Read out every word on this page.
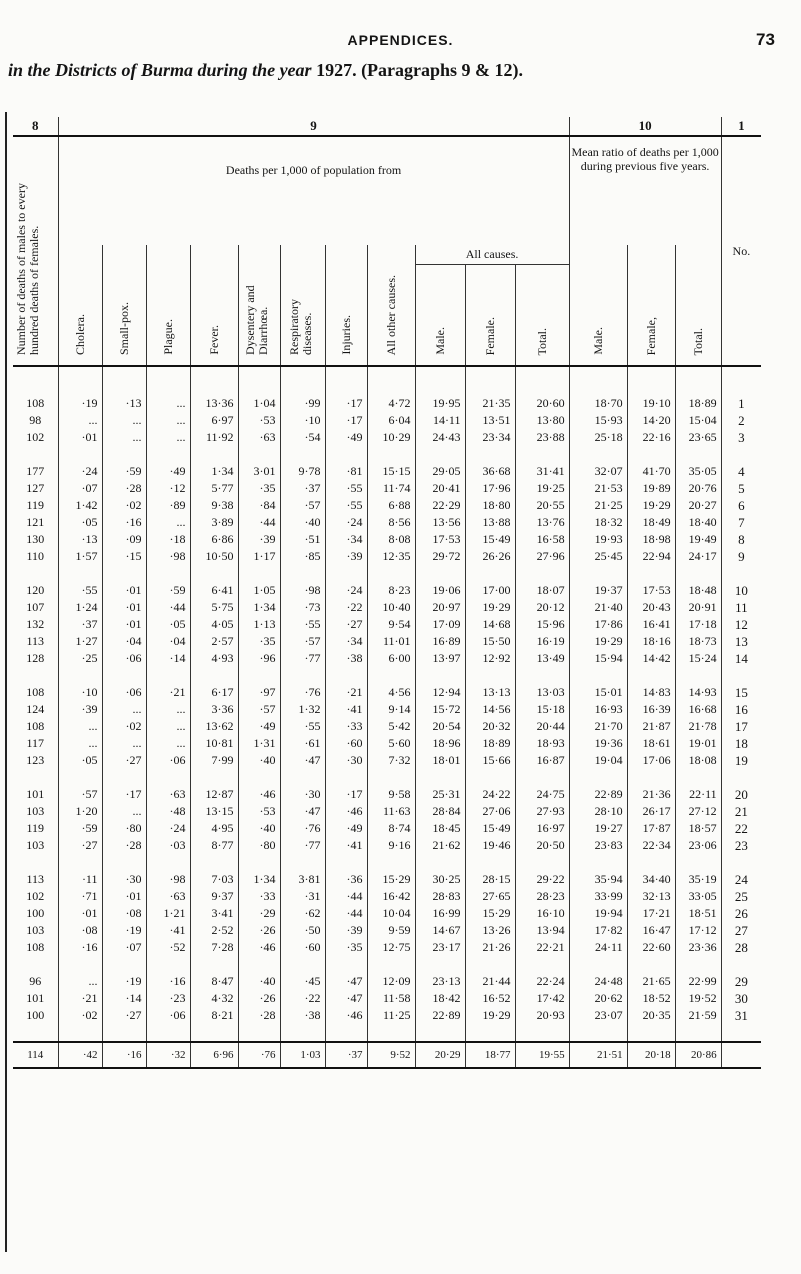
APPENDICES.	73
in the Districts of Burma during the year 1927. (Paragraphs 9 & 12).
8	9											10			1
Number of deaths of males to every hundred deaths of females.	Deaths per 1,000 of population from											Mean ratio of deaths per 1,000 during previous five years.			No.
	Cholera.	Small-pox.	Plague.	Fever.	Dysentery and Diarrhœa.	Respiratory diseases.	Injuries.	All other causes.	All causes.			Male.	Female,	Total.	
									Male.	Female.	Total.				

108	·19	·13	...	13·36	1·04	·99	·17	4·72	19·95	21·35	20·60	18·70	19·10	18·89	1
98	...	...	...	6·97	·53	·10	·17	6·04	14·11	13·51	13·80	15·93	14·20	15·04	2
102	·01	...	...	11·92	·63	·54	·49	10·29	24·43	23·34	23·88	25·18	22·16	23·65	3

177	·24	·59	·49	1·34	3·01	9·78	·81	15·15	29·05	36·68	31·41	32·07	41·70	35·05	4
127	·07	·28	·12	5·77	·35	·37	·55	11·74	20·41	17·96	19·25	21·53	19·89	20·76	5
119	1·42	·02	·89	9·38	·84	·57	·55	6·88	22·29	18·80	20·55	21·25	19·29	20·27	6
121	·05	·16	...	3·89	·44	·40	·24	8·56	13·56	13·88	13·76	18·32	18·49	18·40	7
130	·13	·09	·18	6·86	·39	·51	·34	8·08	17·53	15·49	16·58	19·93	18·98	19·49	8
110	1·57	·15	·98	10·50	1·17	·85	·39	12·35	29·72	26·26	27·96	25·45	22·94	24·17	9

120	·55	·01	·59	6·41	1·05	·98	·24	8·23	19·06	17·00	18·07	19·37	17·53	18·48	10
107	1·24	·01	·44	5·75	1·34	·73	·22	10·40	20·97	19·29	20·12	21·40	20·43	20·91	11
132	·37	·01	·05	4·05	1·13	·55	·27	9·54	17·09	14·68	15·96	17·86	16·41	17·18	12
113	1·27	·04	·04	2·57	·35	·57	·34	11·01	16·89	15·50	16·19	19·29	18·16	18·73	13
128	·25	·06	·14	4·93	·96	·77	·38	6·00	13·97	12·92	13·49	15·94	14·42	15·24	14

108	·10	·06	·21	6·17	·97	·76	·21	4·56	12·94	13·13	13·03	15·01	14·83	14·93	15
124	·39	...	...	3·36	·57	1·32	·41	9·14	15·72	14·56	15·18	16·93	16·39	16·68	16
108	...	·02	...	13·62	·49	·55	·33	5·42	20·54	20·32	20·44	21·70	21·87	21·78	17
117	...	...	...	10·81	1·31	·61	·60	5·60	18·96	18·89	18·93	19·36	18·61	19·01	18
123	·05	·27	·06	7·99	·40	·47	·30	7·32	18·01	15·66	16·87	19·04	17·06	18·08	19

101	·57	·17	·63	12·87	·46	·30	·17	9·58	25·31	24·22	24·75	22·89	21·36	22·11	20
103	1·20	...	·48	13·15	·53	·47	·46	11·63	28·84	27·06	27·93	28·10	26·17	27·12	21
119	·59	·80	·24	4·95	·40	·76	·49	8·74	18·45	15·49	16·97	19·27	17·87	18·57	22
103	·27	·28	·03	8·77	·80	·77	·41	9·16	21·62	19·46	20·50	23·83	22·34	23·06	23

113	·11	·30	·98	7·03	1·34	3·81	·36	15·29	30·25	28·15	29·22	35·94	34·40	35·19	24
102	·71	·01	·63	9·37	·33	·31	·44	16·42	28·83	27·65	28·23	33·99	32·13	33·05	25
100	·01	·08	1·21	3·41	·29	·62	·44	10·04	16·99	15·29	16·10	19·94	17·21	18·51	26
103	·08	·19	·41	2·52	·26	·50	·39	9·59	14·67	13·26	13·94	17·82	16·47	17·12	27
108	·16	·07	·52	7·28	·46	·60	·35	12·75	23·17	21·26	22·21	24·11	22·60	23·36	28

96	...	·19	·16	8·47	·40	·45	·47	12·09	23·13	21·44	22·24	24·48	21·65	22·99	29
101	·21	·14	·23	4·32	·26	·22	·47	11·58	18·42	16·52	17·42	20·62	18·52	19·52	30
100	·02	·27	·06	8·21	·28	·38	·46	11·25	22·89	19·29	20·93	23·07	20·35	21·59	31

114	·42	·16	·32	6·96	·76	1·03	·37	9·52	20·29	18·77	19·55	21·51	20·18	20·86	
